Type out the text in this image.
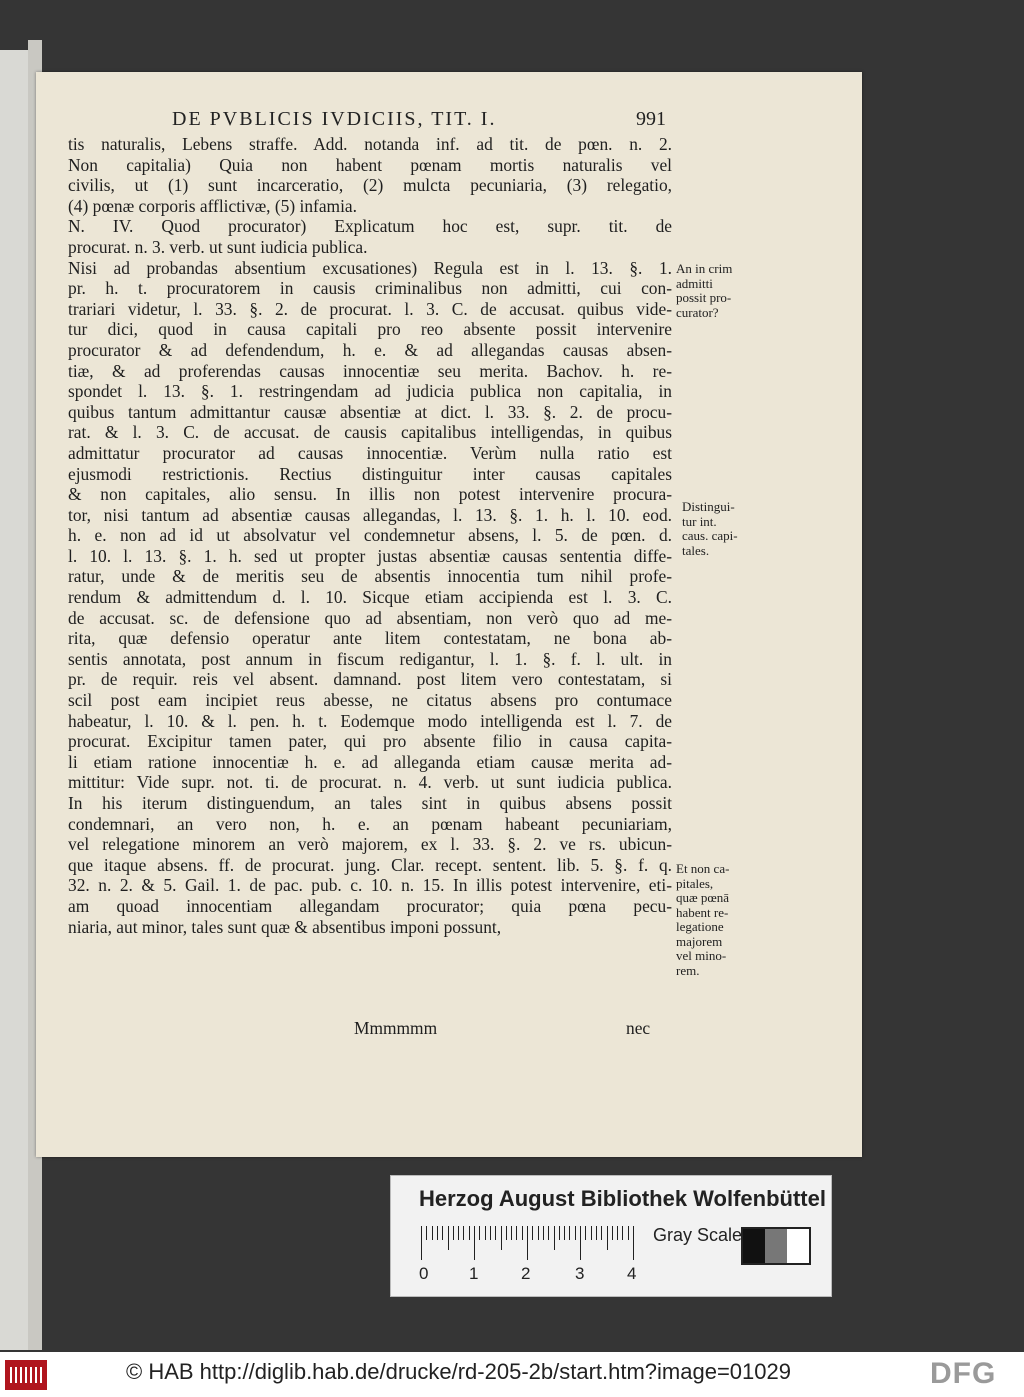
DE PVBLICIS IVDICIIS, TIT. I.	991
tis naturalis, Lebens straffe. Add. notanda inf. ad tit. de pœn. n. 2.
Non capitalia) Quia non habent pœnam mortis naturalis vel
civilis, ut (1) sunt incarceratio, (2) mulcta pecuniaria, (3) relegatio,
(4) pœnæ corporis afflictivæ, (5) infamia.
N. IV. Quod procurator) Explicatum hoc est, supr. tit. de
procurat. n. 3. verb. ut sunt iudicia publica.
Nisi ad probandas absentium excusationes) Regula est in l. 13. §. 1.
pr. h. t. procuratorem in causis criminalibus non admitti, cui con-
trariari videtur, l. 33. §. 2. de procurat. l. 3. C. de accusat. quibus vide-
tur dici, quod in causa capitali pro reo absente possit intervenire
procurator & ad defendendum, h. e. & ad allegandas causas absen-
tiæ, & ad proferendas causas innocentiæ seu merita. Bachov. h. re-
spondet l. 13. §. 1. restringendam ad judicia publica non capitalia, in
quibus tantum admittantur causæ absentiæ at dict. l. 33. §. 2. de procu-
rat. & l. 3. C. de accusat. de causis capitalibus intelligendas, in quibus
admittatur procurator ad causas innocentiæ. Verùm nulla ratio est
ejusmodi restrictionis. Rectius distinguitur inter causas capitales
& non capitales, alio sensu. In illis non potest intervenire procura-
tor, nisi tantum ad absentiæ causas allegandas, l. 13. §. 1. h. l. 10. eod.
h. e. non ad id ut absolvatur vel condemnetur absens, l. 5. de pœn. d.
l. 10. l. 13. §. 1. h. sed ut propter justas absentiæ causas sententia diffe-
ratur, unde & de meritis seu de absentis innocentia tum nihil profe-
rendum & admittendum d. l. 10. Sicque etiam accipienda est l. 3. C.
de accusat. sc. de defensione quo ad absentiam, non verò quo ad me-
rita, quæ defensio operatur ante litem contestatam, ne bona ab-
sentis annotata, post annum in fiscum redigantur, l. 1. §. f. l. ult. in
pr. de requir. reis vel absent. damnand. post litem vero contestatam, si
scil post eam incipiet reus abesse, ne citatus absens pro contumace
habeatur, l. 10. & l. pen. h. t. Eodemque modo intelligenda est l. 7. de
procurat. Excipitur tamen pater, qui pro absente filio in causa capita-
li etiam ratione innocentiæ h. e. ad alleganda etiam causæ merita ad-
mittitur: Vide supr. not. ti. de procurat. n. 4. verb. ut sunt iudicia publica.
In his iterum distinguendum, an tales sint in quibus absens possit
condemnari, an vero non, h. e. an pœnam habeant pecuniariam,
vel relegatione minorem an verò majorem, ex l. 33. §. 2. ve rs. ubicun-
que itaque absens. ff. de procurat. jung. Clar. recept. sentent. lib. 5. §. f. q.
32. n. 2. & 5. Gail. 1. de pac. pub. c. 10. n. 15. In illis potest intervenire, eti-
am quoad innocentiam allegandam procurator; quia pœna pecu-
niaria, aut minor, tales sunt quæ & absentibus imponi possunt,
An in crim
admitti
possit pro-
curator?
Distingui-
tur int.
caus. capi-
tales.
Et non ca-
pitales,
quæ pœnā
habent re-
legatione
majorem
vel mino-
rem.
Mmmmmm	nec
Herzog August Bibliothek Wolfenbüttel
Gray Scale
0 1	2	3	4
© HAB http://diglib.hab.de/drucke/rd-205-2b/start.htm?image=01029	DFG
